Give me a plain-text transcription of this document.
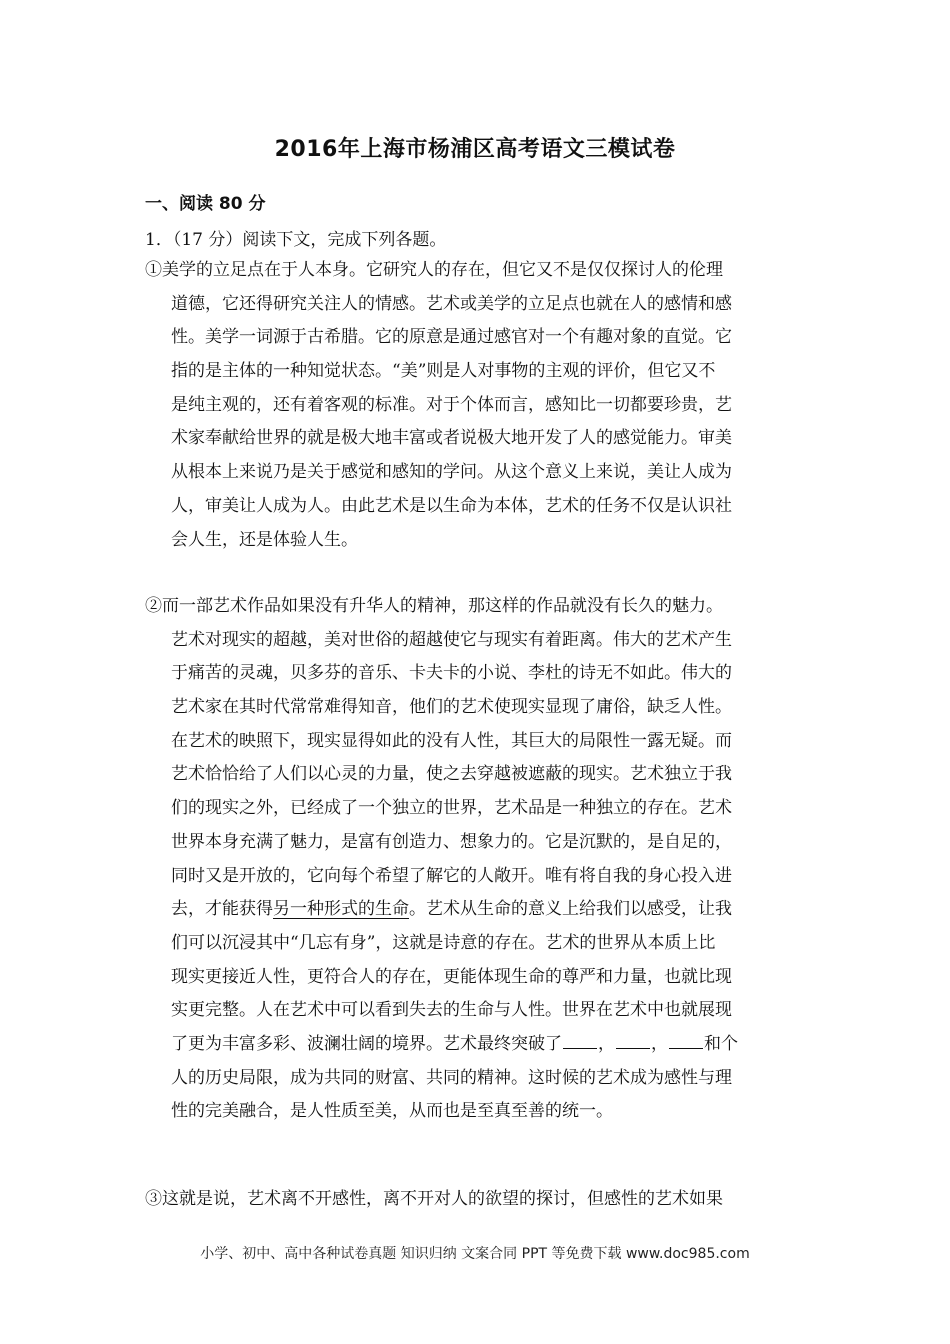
2016年上海市杨浦区高考语文三模试卷
一、阅读 80 分
1．（17 分）阅读下文，完成下列各题。
①美学的立足点在于人本身。它研究人的存在，但它又不是仅仅探讨人的伦理
道德，它还得研究关注人的情感。艺术或美学的立足点也就在人的感情和感
性。美学一词源于古希腊。它的原意是通过感官对一个有趣对象的直觉。它
指的是主体的一种知觉状态。“美”则是人对事物的主观的评价，但它又不
是纯主观的，还有着客观的标准。对于个体而言，感知比一切都要珍贵，艺
术家奉献给世界的就是极大地丰富或者说极大地开发了人的感觉能力。审美
从根本上来说乃是关于感觉和感知的学问。从这个意义上来说，美让人成为
人，审美让人成为人。由此艺术是以生命为本体，艺术的任务不仅是认识社
会人生，还是体验人生。
②而一部艺术作品如果没有升华人的精神，那这样的作品就没有长久的魅力。
艺术对现实的超越，美对世俗的超越使它与现实有着距离。伟大的艺术产生
于痛苦的灵魂，贝多芬的音乐、卡夫卡的小说、李杜的诗无不如此。伟大的
艺术家在其时代常常难得知音，他们的艺术使现实显现了庸俗，缺乏人性。
在艺术的映照下，现实显得如此的没有人性，其巨大的局限性一露无疑。而
艺术恰恰给了人们以心灵的力量，使之去穿越被遮蔽的现实。艺术独立于我
们的现实之外，已经成了一个独立的世界，艺术品是一种独立的存在。艺术
世界本身充满了魅力，是富有创造力、想象力的。它是沉默的，是自足的，
同时又是开放的，它向每个希望了解它的人敞开。唯有将自我的身心投入进
去，才能获得另一种形式的生命。艺术从生命的意义上给我们以感受，让我
们可以沉浸其中“几忘有身”，这就是诗意的存在。艺术的世界从本质上比
现实更接近人性，更符合人的存在，更能体现生命的尊严和力量，也就比现
实更完整。人在艺术中可以看到失去的生命与人性。世界在艺术中也就展现
了更为丰富多彩、波澜壮阔的境界。艺术最终突破了 ， ， 和个
人的历史局限，成为共同的财富、共同的精神。这时候的艺术成为感性与理
性的完美融合，是人性质至美，从而也是至真至善的统一。
③这就是说，艺术离不开感性，离不开对人的欲望的探讨，但感性的艺术如果
小学、初中、高中各种试卷真题 知识归纳 文案合同 PPT 等免费下载 www.doc985.com
